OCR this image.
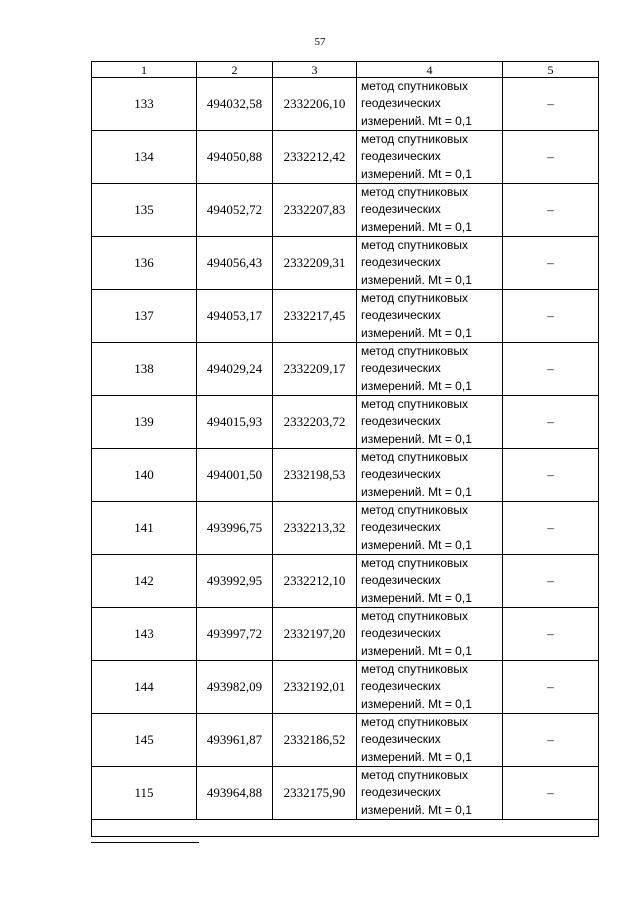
57
1	2	3	4	5
133	494032,58	2332206,10	метод спутниковых
геодезических
измерений. Mt = 0,1	–
134	494050,88	2332212,42	метод спутниковых
геодезических
измерений. Mt = 0,1	–
135	494052,72	2332207,83	метод спутниковых
геодезических
измерений. Mt = 0,1	–
136	494056,43	2332209,31	метод спутниковых
геодезических
измерений. Mt = 0,1	–
137	494053,17	2332217,45	метод спутниковых
геодезических
измерений. Mt = 0,1	–
138	494029,24	2332209,17	метод спутниковых
геодезических
измерений. Mt = 0,1	–
139	494015,93	2332203,72	метод спутниковых
геодезических
измерений. Mt = 0,1	–
140	494001,50	2332198,53	метод спутниковых
геодезических
измерений. Mt = 0,1	–
141	493996,75	2332213,32	метод спутниковых
геодезических
измерений. Mt = 0,1	–
142	493992,95	2332212,10	метод спутниковых
геодезических
измерений. Mt = 0,1	–
143	493997,72	2332197,20	метод спутниковых
геодезических
измерений. Mt = 0,1	–
144	493982,09	2332192,01	метод спутниковых
геодезических
измерений. Mt = 0,1	–
145	493961,87	2332186,52	метод спутниковых
геодезических
измерений. Mt = 0,1	–
115	493964,88	2332175,90	метод спутниковых
геодезических
измерений. Mt = 0,1	–
